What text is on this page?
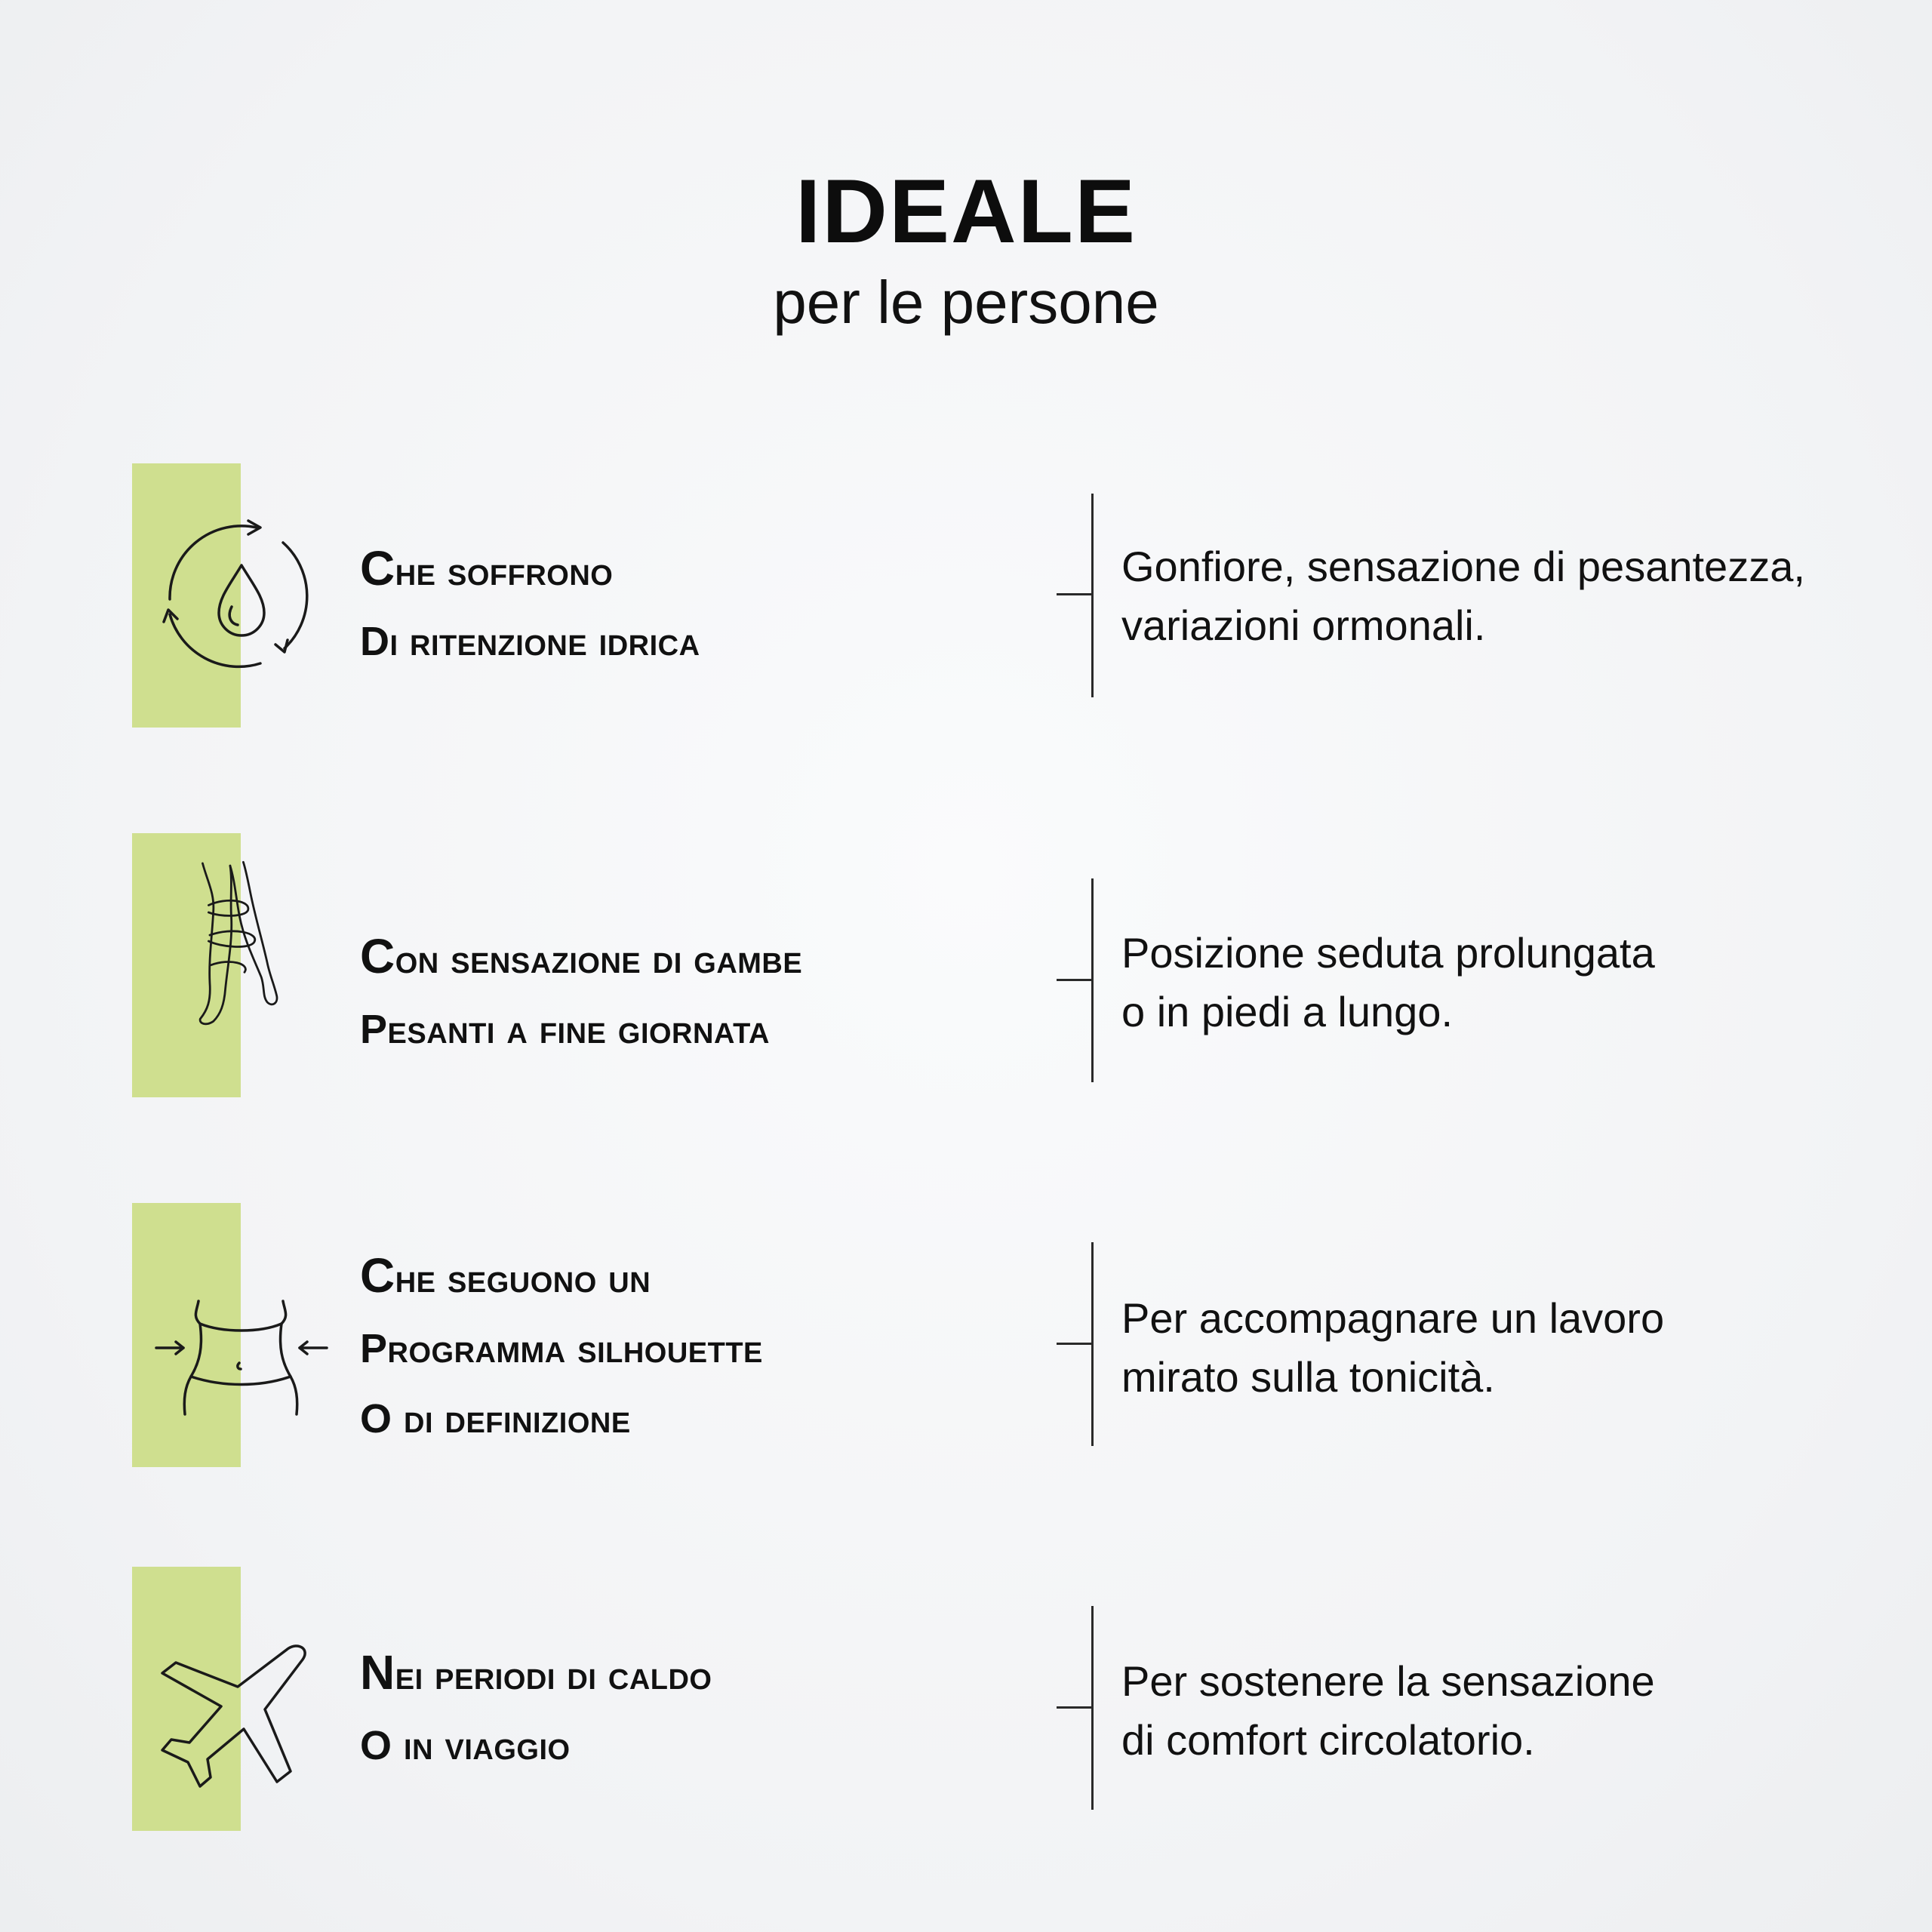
IDEALE
per le persone
Che soffrono
Di ritenzione idrica
Gonfiore, sensazione di pesantezza,
variazioni ormonali.
Con sensazione di gambe
Pesanti a fine giornata
Posizione seduta prolungata
o in piedi a lungo.
Che seguono un
Programma silhouette
O di definizione
Per accompagnare un lavoro
mirato sulla tonicità.
Nei periodi di caldo
O in viaggio
Per sostenere la sensazione
di comfort circolatorio.
